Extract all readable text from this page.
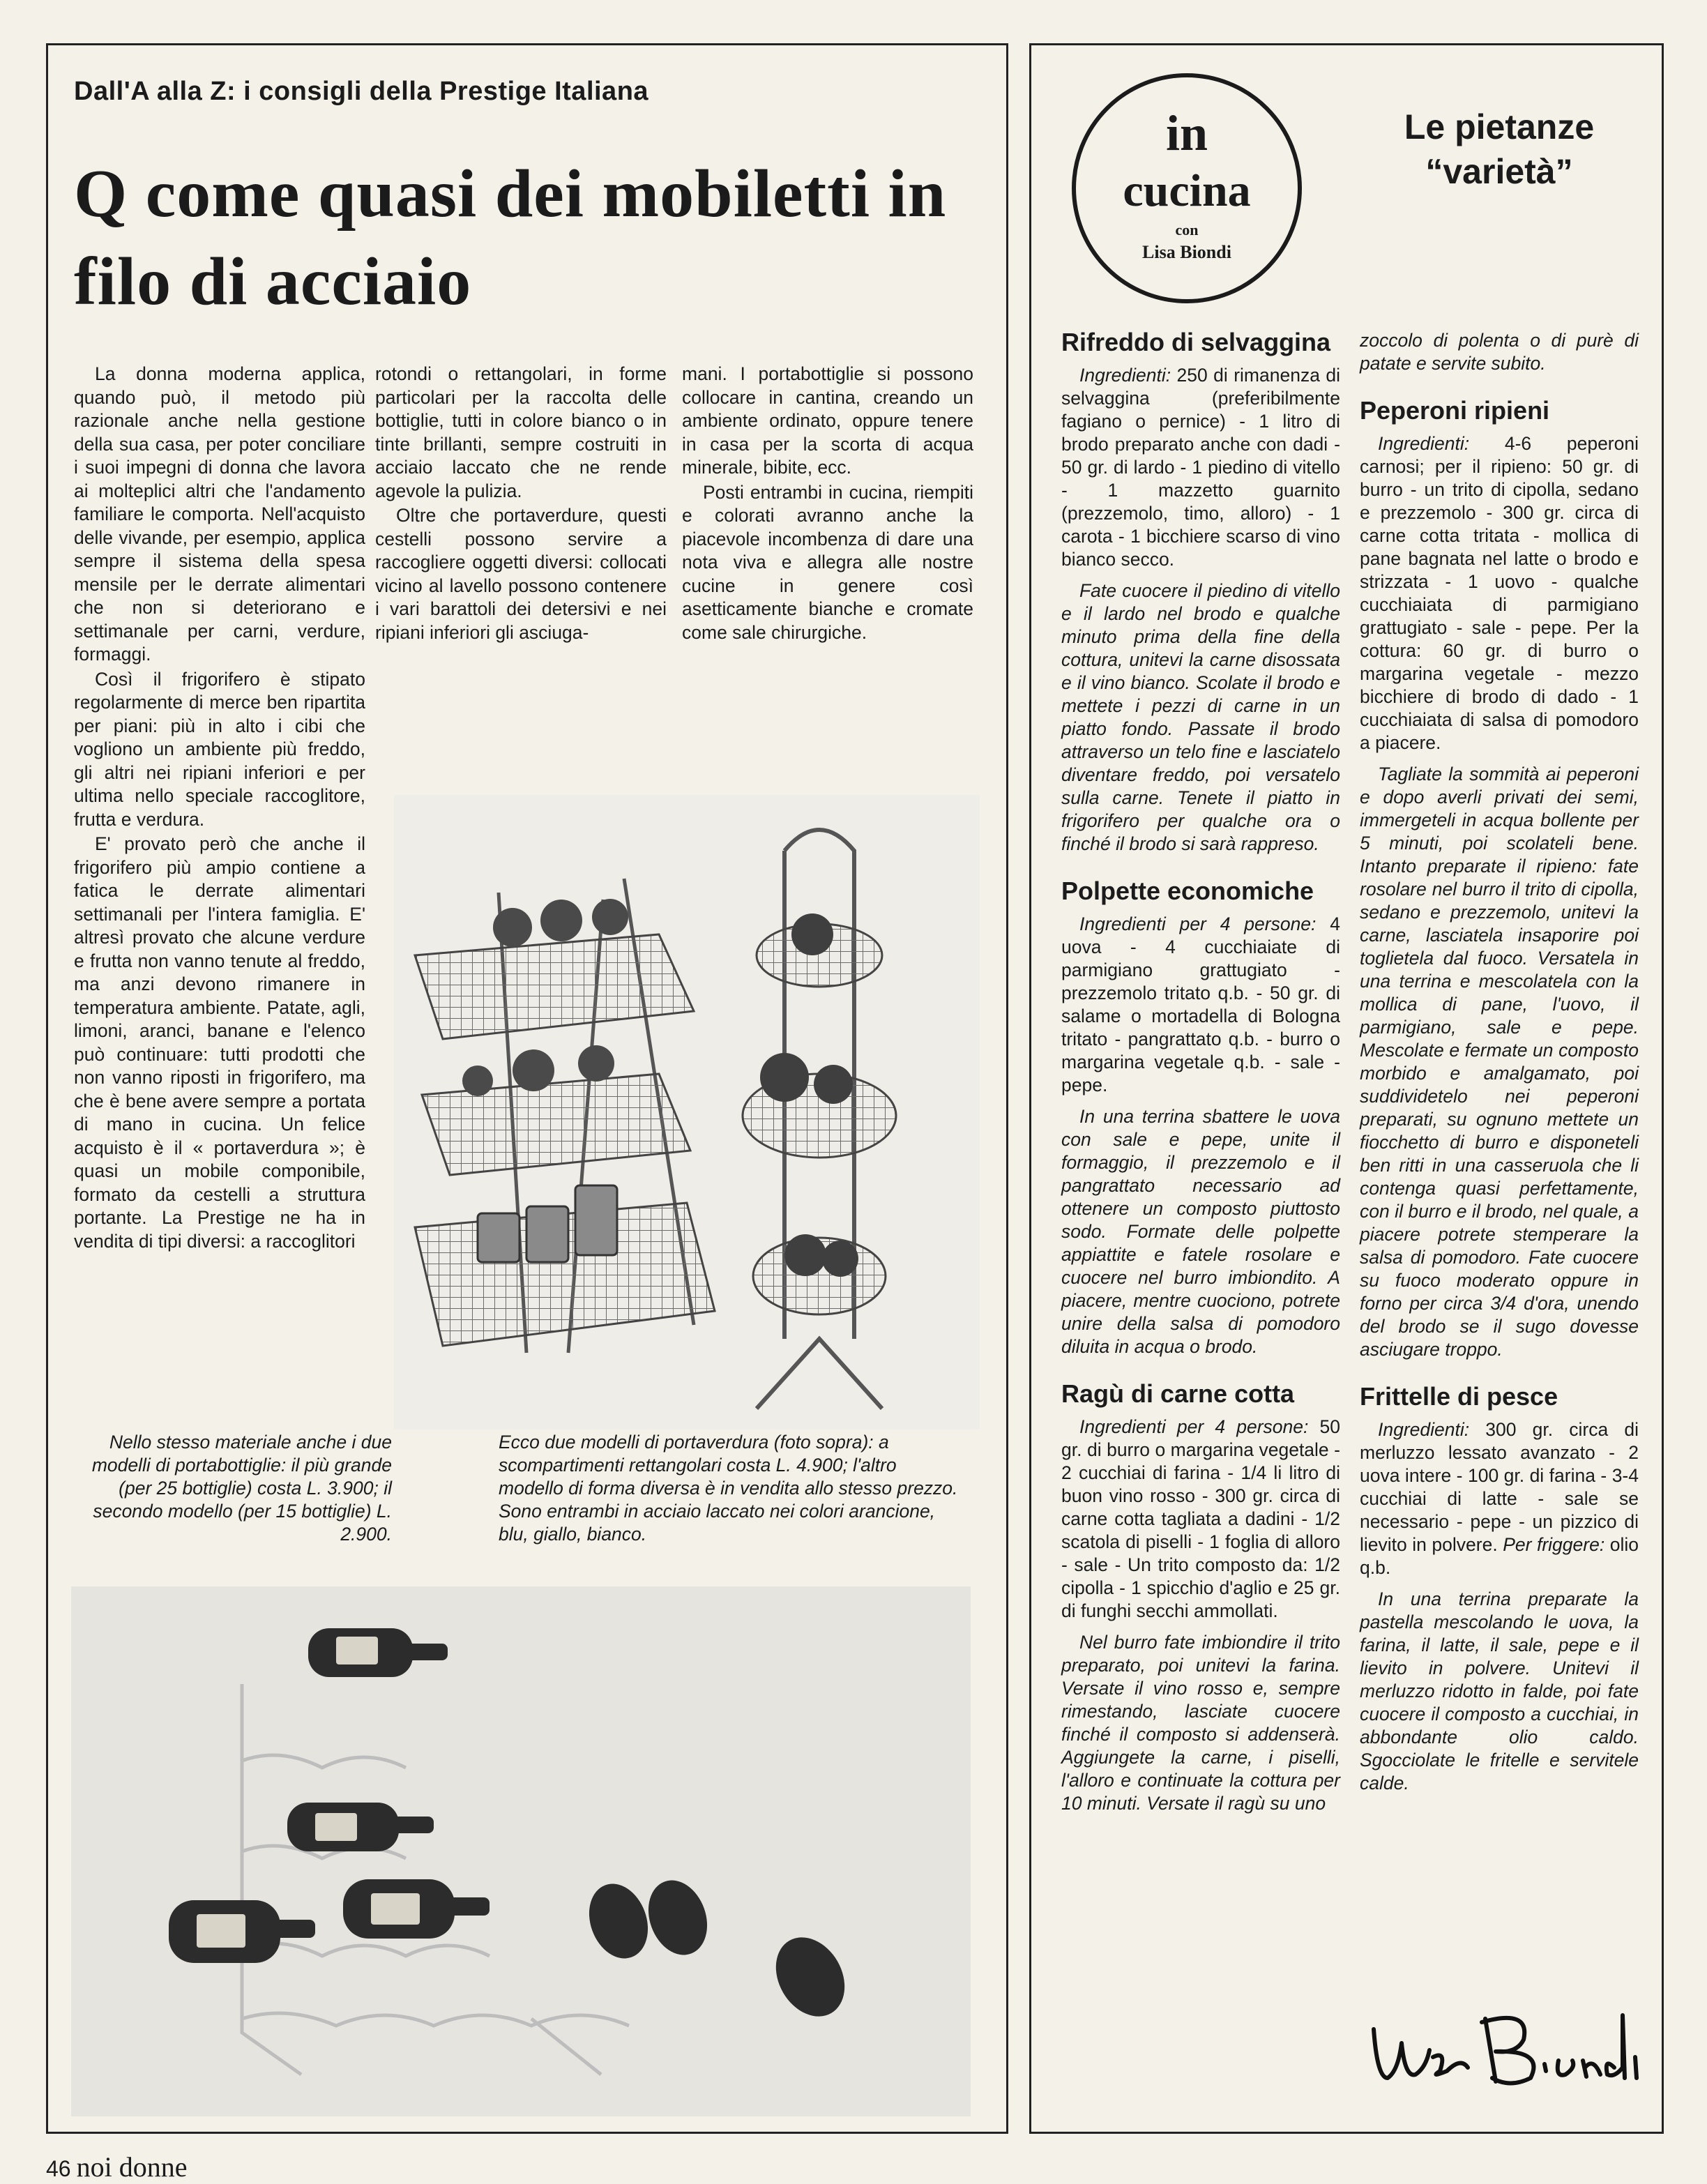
Dall'A alla Z: i consigli della Prestige Italiana
Q come quasi dei mobiletti in filo di acciaio

La donna moderna applica, quando può, il metodo più razionale anche nella gestione della sua casa, per poter conciliare i suoi impegni di donna che lavora ai molteplici altri che l'andamento familiare le comporta. Nell'acquisto delle vivande, per esempio, applica sempre il sistema della spesa mensile per le derrate alimentari che non si deteriorano e settimanale per carni, verdure, formaggi.

Così il frigorifero è stipato regolarmente di merce ben ripartita per piani: più in alto i cibi che vogliono un ambiente più freddo, gli altri nei ripiani inferiori e per ultima nello speciale raccoglitore, frutta e verdura.

E' provato però che anche il frigorifero più ampio contiene a fatica le derrate alimentari settimanali per l'intera famiglia. E' altresì provato che alcune verdure e frutta non vanno tenute al freddo, ma anzi devono rimanere in temperatura ambiente. Patate, agli, limoni, aranci, banane e l'elenco può continuare: tutti prodotti che non vanno riposti in frigorifero, ma che è bene avere sempre a portata di mano in cucina. Un felice acquisto è il « portaverdura »; è quasi un mobile componibile, formato da cestelli a struttura portante. La Prestige ne ha in vendita di tipi diversi: a raccoglitori

rotondi o rettangolari, in forme particolari per la raccolta delle bottiglie, tutti in colore bianco o in tinte brillanti, sempre costruiti in acciaio laccato che ne rende agevole la pulizia.

Oltre che portaverdure, questi cestelli possono servire a raccogliere oggetti diversi: collocati vicino al lavello possono contenere i vari barattoli dei detersivi e nei ripiani inferiori gli asciuga-

mani. I portabottiglie si possono collocare in cantina, creando un ambiente ordinato, oppure tenere in casa per la scorta di acqua minerale, bibite, ecc.

Posti entrambi in cucina, riempiti e colorati avranno anche la piacevole incombenza di dare una nota viva e allegra alle nostre cucine in genere così asetticamente bianche e cromate come sale chirurgiche.

Nello stesso materiale anche i due modelli di portabottiglie: il più grande (per 25 bottiglie) costa L. 3.900; il secondo modello (per 15 bottiglie) L. 2.900.
Ecco due modelli di portaverdura (foto sopra): a scompartimenti rettangolari costa L. 4.900; l'altro modello di forma diversa è in vendita allo stesso prezzo. Sono entrambi in acciaio laccato nei colori arancione, blu, giallo, bianco.
46 noi donne
in
cucina
con
Lisa Biondi
Le pietanze “varietà”
Rifreddo di selvaggina

Ingredienti: 250 di rimanenza di selvaggina (preferibilmente fagiano o pernice) - 1 litro di brodo preparato anche con dadi - 50 gr. di lardo - 1 piedino di vitello - 1 mazzetto guarnito (prezzemolo, timo, alloro) - 1 carota - 1 bicchiere scarso di vino bianco secco.

Fate cuocere il piedino di vitello e il lardo nel brodo e qualche minuto prima della fine della cottura, unitevi la carne disossata e il vino bianco. Scolate il brodo e mettete i pezzi di carne in un piatto fondo. Passate il brodo attraverso un telo fine e lasciatelo diventare freddo, poi versatelo sulla carne. Tenete il piatto in frigorifero per qualche ora o finché il brodo si sarà rappreso.

Polpette economiche

Ingredienti per 4 persone: 4 uova - 4 cucchiaiate di parmigiano grattugiato - prezzemolo tritato q.b. - 50 gr. di salame o mortadella di Bologna tritato - pangrattato q.b. - burro o margarina vegetale q.b. - sale - pepe.

In una terrina sbattere le uova con sale e pepe, unite il formaggio, il prezzemolo e il pangrattato necessario ad ottenere un composto piuttosto sodo. Formate delle polpette appiattite e fatele rosolare e cuocere nel burro imbiondito. A piacere, mentre cuociono, potrete unire della salsa di pomodoro diluita in acqua o brodo.

Ragù di carne cotta

Ingredienti per 4 persone: 50 gr. di burro o margarina vegetale - 2 cucchiai di farina - 1/4 li litro di buon vino rosso - 300 gr. circa di carne cotta tagliata a dadini - 1/2 scatola di piselli - 1 foglia di alloro - sale - Un trito composto da: 1/2 cipolla - 1 spicchio d'aglio e 25 gr. di funghi secchi ammollati.

Nel burro fate imbiondire il trito preparato, poi unitevi la farina. Versate il vino rosso e, sempre rimestando, lasciate cuocere finché il composto si addenserà. Aggiungete la carne, i piselli, l'alloro e continuate la cottura per 10 minuti. Versate il ragù su uno

zoccolo di polenta o di purè di patate e servite subito.

Peperoni ripieni

Ingredienti: 4-6 peperoni carnosi; per il ripieno: 50 gr. di burro - un trito di cipolla, sedano e prezzemolo - 300 gr. circa di carne cotta tritata - mollica di pane bagnata nel latte o brodo e strizzata - 1 uovo - qualche cucchiaiata di parmigiano grattugiato - sale - pepe. Per la cottura: 60 gr. di burro o margarina vegetale - mezzo bicchiere di brodo di dado - 1 cucchiaiata di salsa di pomodoro a piacere.

Tagliate la sommità ai peperoni e dopo averli privati dei semi, immergeteli in acqua bollente per 5 minuti, poi scolateli bene. Intanto preparate il ripieno: fate rosolare nel burro il trito di cipolla, sedano e prezzemolo, unitevi la carne, lasciatela insaporire poi toglietela dal fuoco. Versatela in una terrina e mescolatela con la mollica di pane, l'uovo, il parmigiano, sale e pepe. Mescolate e fermate un composto morbido e amalgamato, poi suddividetelo nei peperoni preparati, su ognuno mettete un fiocchetto di burro e disponeteli ben ritti in una casseruola che li contenga quasi perfettamente, con il burro e il brodo, nel quale, a piacere potrete stemperare la salsa di pomodoro. Fate cuocere su fuoco moderato oppure in forno per circa 3/4 d'ora, unendo del brodo se il sugo dovesse asciugare troppo.

Frittelle di pesce

Ingredienti: 300 gr. circa di merluzzo lessato avanzato - 2 uova intere - 100 gr. di farina - 3-4 cucchiai di latte - sale se necessario - pepe - un pizzico di lievito in polvere. Per friggere: olio q.b.

In una terrina preparate la pastella mescolando le uova, la farina, il latte, il sale, pepe e il lievito in polvere. Unitevi il merluzzo ridotto in falde, poi fate cuocere il composto a cucchiai, in abbondante olio caldo. Sgocciolate le fritelle e servitele calde.
